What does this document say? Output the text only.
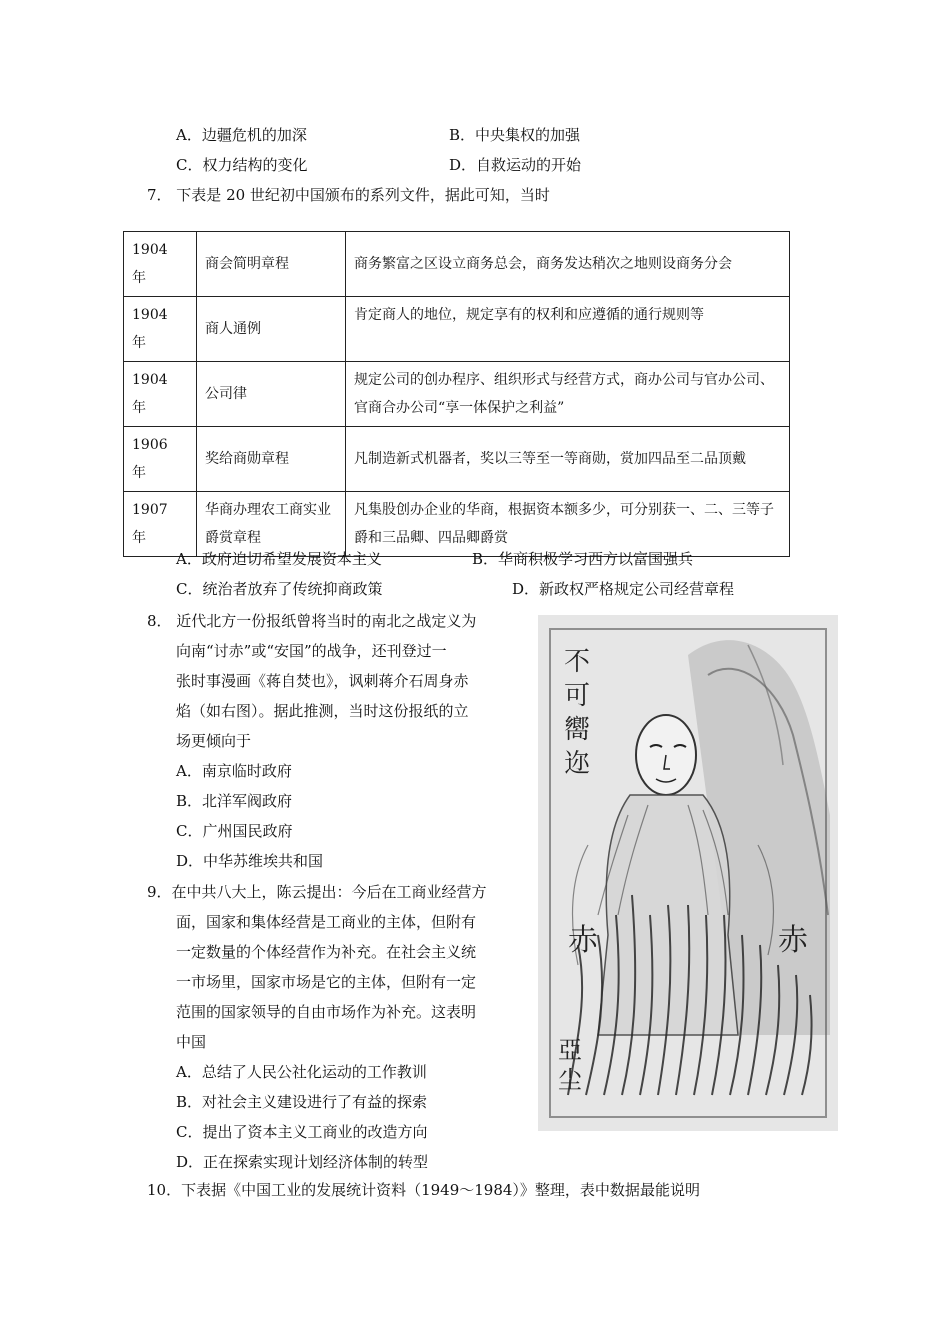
A．边疆危机的加深	B．中央集权的加强
C．权力结构的变化	D．自救运动的开始
7． 下表是 20 世纪初中国颁布的系列文件，据此可知，当时
1904
年	商会简明章程	商务繁富之区设立商务总会，商务发达稍次之地则设商务分会
1904
年	商人通例	肯定商人的地位，规定享有的权利和应遵循的通行规则等
1904
年	公司律	规定公司的创办程序、组织形式与经营方式，商办公司与官办公司、官商合办公司“享一体保护之利益”
1906
年	奖给商勋章程	凡制造新式机器者，奖以三等至一等商勋，赏加四品至二品顶戴
1907
年	华商办理农工商实业爵赏章程	凡集股创办企业的华商，根据资本额多少，可分别获一、二、三等子爵和三品卿、四品卿爵赏
A．政府迫切希望发展资本主义	B．华商积极学习西方以富国强兵
C．统治者放弃了传统抑商政策	D．新政权严格规定公司经营章程
8． 近代北方一份报纸曾将当时的南北之战定义为
向南“讨赤”或“安国”的战争，还刊登过一
张时事漫画《蒋自焚也》，讽刺蒋介石周身赤
焰（如右图）。据此推测，当时这份报纸的立
场更倾向于
A．南京临时政府
B．北洋军阀政府
C．广州国民政府
D．中华苏维埃共和国
不可嚮迩
赤	赤
亞尘
9．在中共八大上，陈云提出：今后在工商业经营方
面，国家和集体经营是工商业的主体，但附有
一定数量的个体经营作为补充。在社会主义统
一市场里，国家市场是它的主体，但附有一定
范围的国家领导的自由市场作为补充。这表明
中国
A．总结了人民公社化运动的工作教训
B．对社会主义建设进行了有益的探索
C．提出了资本主义工商业的改造方向
D．正在探索实现计划经济体制的转型
10．下表据《中国工业的发展统计资料（1949～1984）》整理，表中数据最能说明
